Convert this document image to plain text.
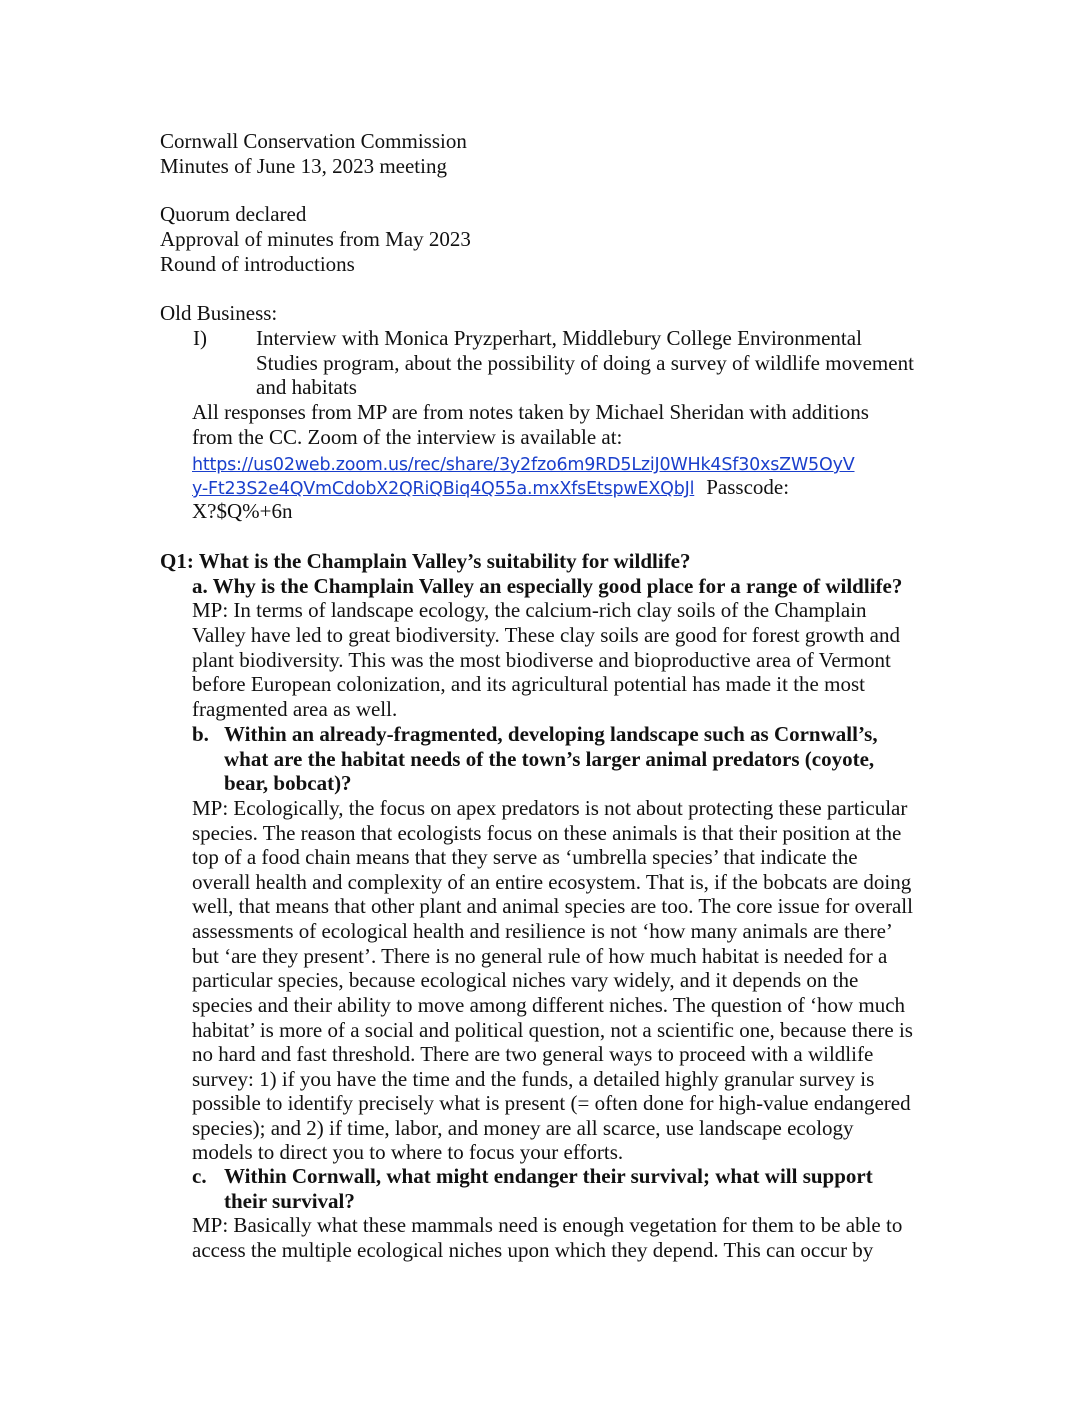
Cornwall Conservation Commission

Minutes of June 13, 2023 meeting

Quorum declared

Approval of minutes from May 2023

Round of introductions

Old Business:

I) Interview with Monica Pryzperhart, Middlebury College Environmental

Studies program, about the possibility of doing a survey of wildlife movement

and habitats

All responses from MP are from notes taken by Michael Sheridan with additions

from the CC. Zoom of the interview is available at:

https://us02web.zoom.us/rec/share/3y2fzo6m9RD5LziJ0WHk4Sf30xsZW5OyV

y-Ft23S2e4QVmCdobX2QRiQBiq4Q55a.mxXfsEtspwEXQbJl Passcode:

X?$Q%+6n

Q1: What is the Champlain Valley’s suitability for wildlife?

a. Why is the Champlain Valley an especially good place for a range of wildlife?

MP: In terms of landscape ecology, the calcium-rich clay soils of the Champlain

Valley have led to great biodiversity. These clay soils are good for forest growth and

plant biodiversity. This was the most biodiverse and bioproductive area of Vermont

before European colonization, and its agricultural potential has made it the most

fragmented area as well.

b. Within an already-fragmented, developing landscape such as Cornwall’s,

what are the habitat needs of the town’s larger animal predators (coyote,

bear, bobcat)?

MP: Ecologically, the focus on apex predators is not about protecting these particular

species. The reason that ecologists focus on these animals is that their position at the

top of a food chain means that they serve as ‘umbrella species’ that indicate the

overall health and complexity of an entire ecosystem. That is, if the bobcats are doing

well, that means that other plant and animal species are too. The core issue for overall

assessments of ecological health and resilience is not ‘how many animals are there’

but ‘are they present’. There is no general rule of how much habitat is needed for a

particular species, because ecological niches vary widely, and it depends on the

species and their ability to move among different niches. The question of ‘how much

habitat’ is more of a social and political question, not a scientific one, because there is

no hard and fast threshold. There are two general ways to proceed with a wildlife

survey: 1) if you have the time and the funds, a detailed highly granular survey is

possible to identify precisely what is present (= often done for high-value endangered

species); and 2) if time, labor, and money are all scarce, use landscape ecology

models to direct you to where to focus your efforts.

c. Within Cornwall, what might endanger their survival; what will support

their survival?

MP: Basically what these mammals need is enough vegetation for them to be able to

access the multiple ecological niches upon which they depend. This can occur by
